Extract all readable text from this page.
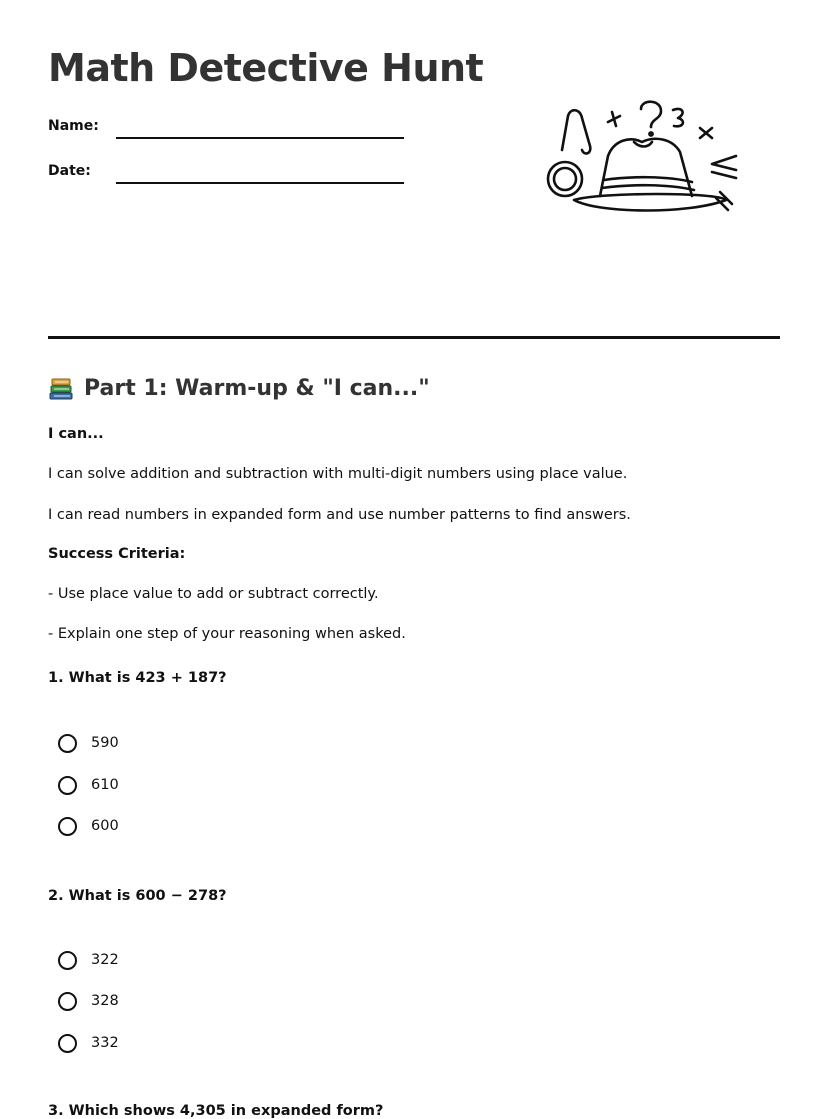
Math Detective Hunt
Name:
Date:
Part 1: Warm-up & "I can..."
I can...
I can solve addition and subtraction with multi-digit numbers using place value.
I can read numbers in expanded form and use number patterns to find answers.
Success Criteria:
- Use place value to add or subtract correctly.
- Explain one step of your reasoning when asked.
1. What is 423 + 187?
590
610
600
2. What is 600 − 278?
322
328
332
3. Which shows 4,305 in expanded form?
